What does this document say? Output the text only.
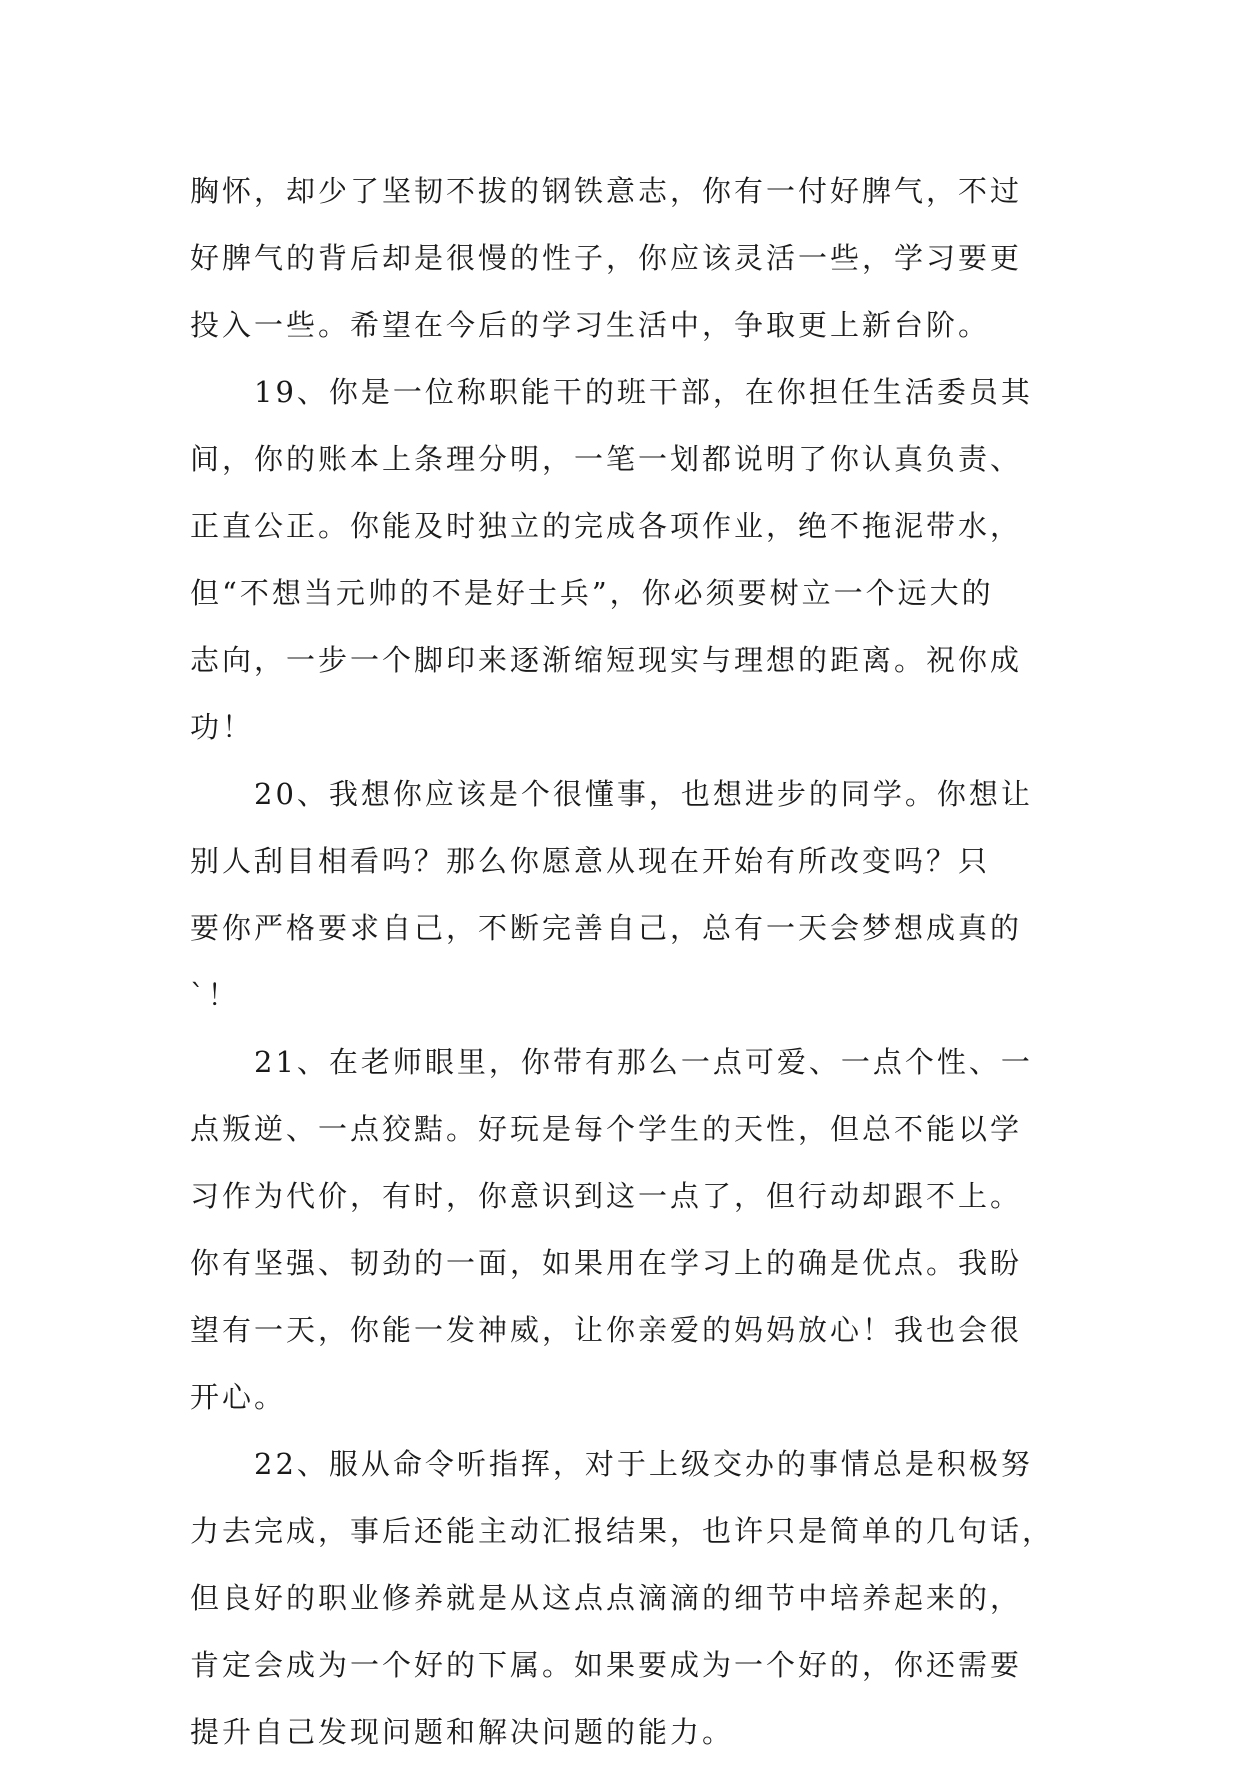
胸怀，却少了坚韧不拔的钢铁意志，你有一付好脾气，不过
好脾气的背后却是很慢的性子，你应该灵活一些，学习要更
投入一些。希望在今后的学习生活中，争取更上新台阶。
19、你是一位称职能干的班干部，在你担任生活委员其
间，你的账本上条理分明，一笔一划都说明了你认真负责、
正直公正。你能及时独立的完成各项作业，绝不拖泥带水，
但“不想当元帅的不是好士兵”，你必须要树立一个远大的
志向，一步一个脚印来逐渐缩短现实与理想的距离。祝你成
功！
20、我想你应该是个很懂事，也想进步的同学。你想让
别人刮目相看吗？那么你愿意从现在开始有所改变吗？只
要你严格要求自己，不断完善自己，总有一天会梦想成真的
`！
21、在老师眼里，你带有那么一点可爱、一点个性、一
点叛逆、一点狡黠。好玩是每个学生的天性，但总不能以学
习作为代价，有时，你意识到这一点了，但行动却跟不上。
你有坚强、韧劲的一面，如果用在学习上的确是优点。我盼
望有一天，你能一发神威，让你亲爱的妈妈放心！我也会很
开心。
22、服从命令听指挥，对于上级交办的事情总是积极努
力去完成，事后还能主动汇报结果，也许只是简单的几句话，
但良好的职业修养就是从这点点滴滴的细节中培养起来的，
肯定会成为一个好的下属。如果要成为一个好的，你还需要
提升自己发现问题和解决问题的能力。
